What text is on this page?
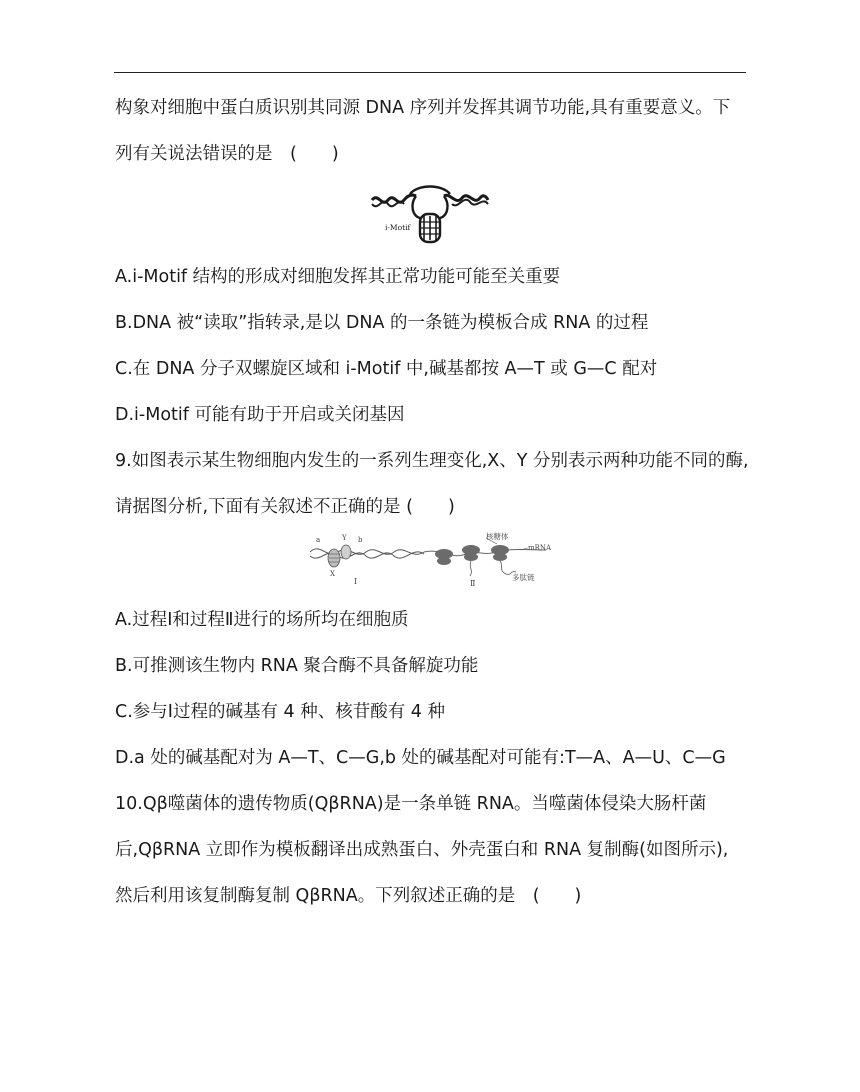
构象对细胞中蛋白质识别其同源 DNA 序列并发挥其调节功能,具有重要意义。下
列有关说法错误的是　(　　)
i-Motif
A.i-Motif 结构的形成对细胞发挥其正常功能可能至关重要
B.DNA 被“读取”指转录,是以 DNA 的一条链为模板合成 RNA 的过程
C.在 DNA 分子双螺旋区域和 i-Motif 中,碱基都按 A—T 或 G—C 配对
D.i-Motif 可能有助于开启或关闭基因
9.如图表示某生物细胞内发生的一系列生理变化,X、Y 分别表示两种功能不同的酶,
请据图分析,下面有关叙述不正确的是 (　　)
a	Y b
X
Ⅰ	Ⅱ
核糖体
mRNA
多肽链
A.过程Ⅰ和过程Ⅱ进行的场所均在细胞质
B.可推测该生物内 RNA 聚合酶不具备解旋功能
C.参与Ⅰ过程的碱基有 4 种、核苷酸有 4 种
D.a 处的碱基配对为 A—T、C—G,b 处的碱基配对可能有:T—A、A—U、C—G
10.Qβ噬菌体的遗传物质(QβRNA)是一条单链 RNA。当噬菌体侵染大肠杆菌
后,QβRNA 立即作为模板翻译出成熟蛋白、外壳蛋白和 RNA 复制酶(如图所示),
然后利用该复制酶复制 QβRNA。下列叙述正确的是　(　　)
